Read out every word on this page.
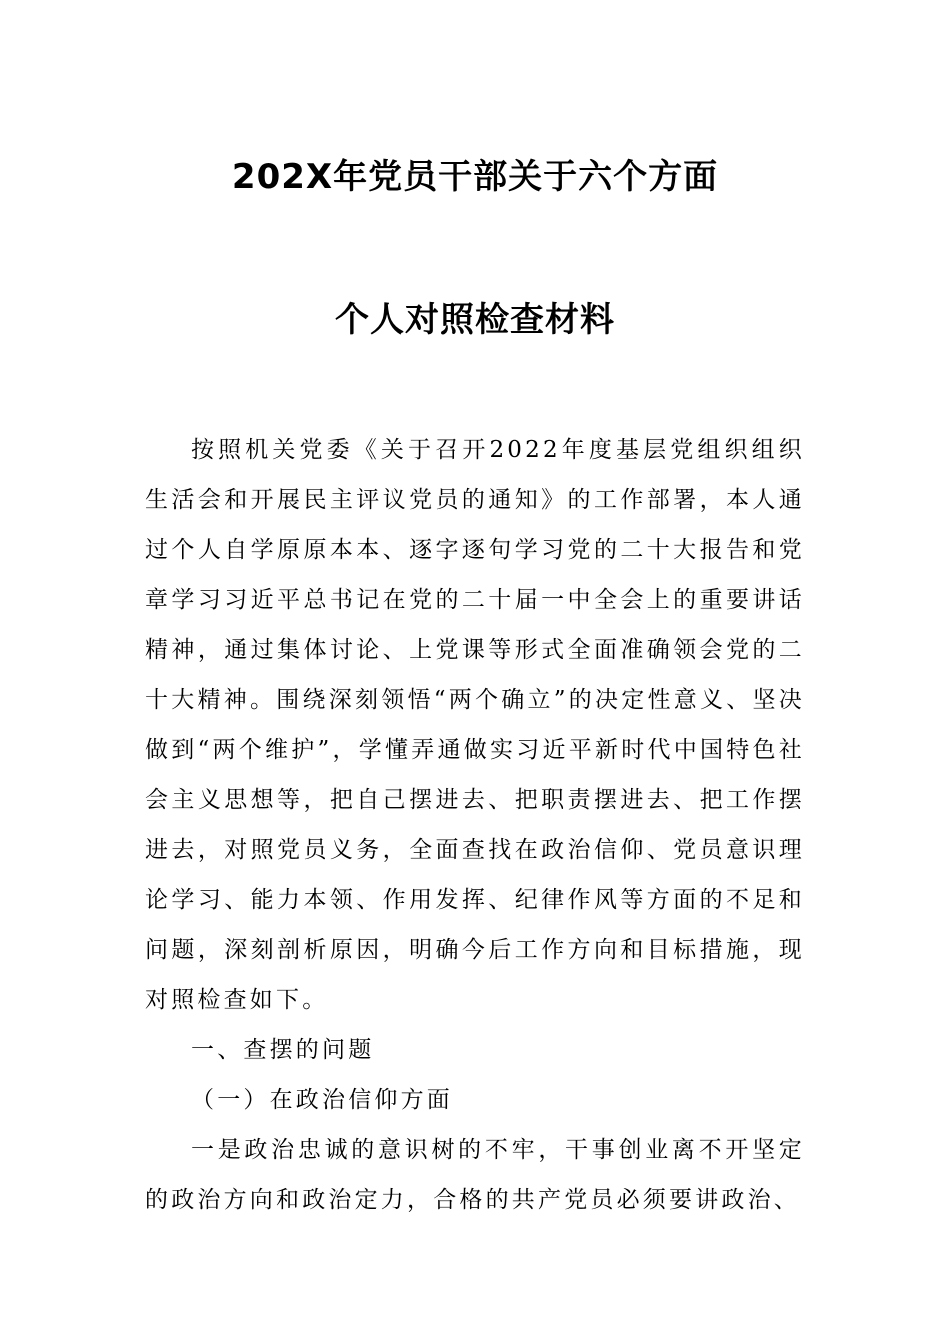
202X年党员干部关于六个方面
个人对照检查材料

按照机关党委《关于召开2022年度基层党组织组织生活会和开展民主评议党员的通知》的工作部署，本人通过个人自学原原本本、逐字逐句学习党的二十大报告和党章学习习近平总书记在党的二十届一中全会上的重要讲话精神，通过集体讨论、上党课等形式全面准确领会党的二十大精神。围绕深刻领悟“两个确立”的决定性意义、坚决做到“两个维护”，学懂弄通做实习近平新时代中国特色社会主义思想等，把自己摆进去、把职责摆进去、把工作摆进去，对照党员义务，全面查找在政治信仰、党员意识理论学习、能力本领、作用发挥、纪律作风等方面的不足和问题，深刻剖析原因，明确今后工作方向和目标措施，现对照检查如下。

一、查摆的问题

（一）在政治信仰方面

一是政治忠诚的意识树的不牢，干事创业离不开坚定的政治方向和政治定力，合格的共产党员必须要讲政治、
